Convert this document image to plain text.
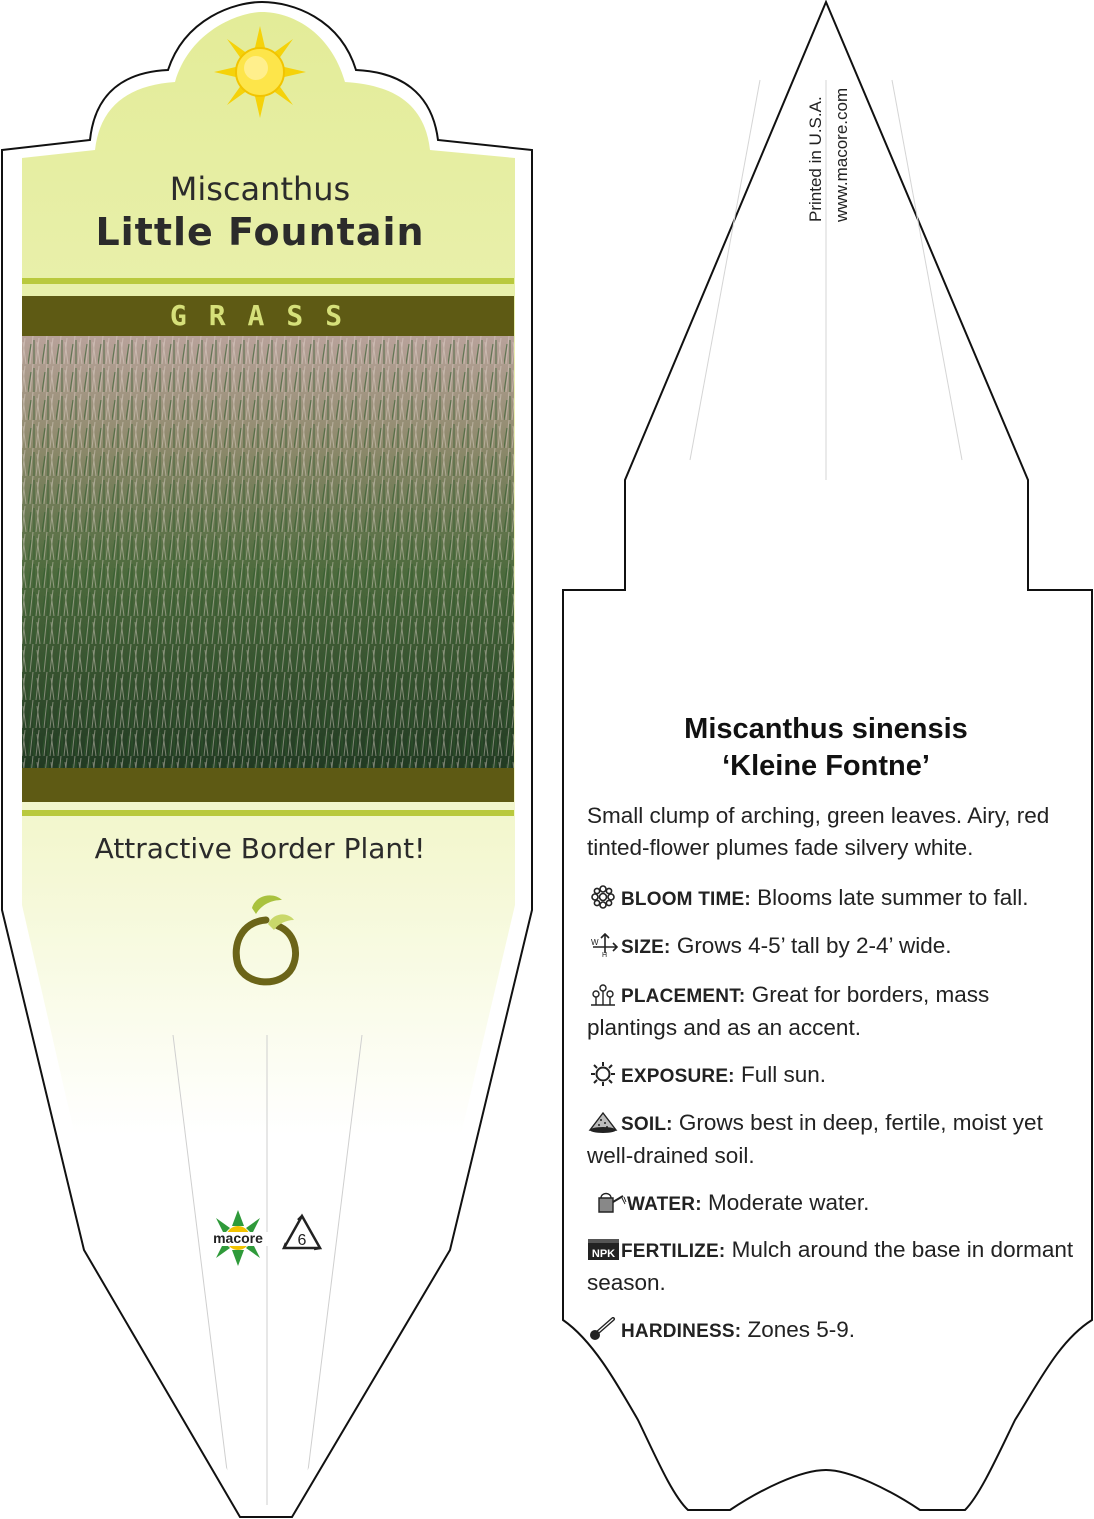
Miscanthus
Little Fountain
GRASS
Attractive Border Plant!
macore 6
Printed in U.S.A. www.macore.com
Miscanthus sinensis
‘Kleine Fontne’
Small clump of arching, green leaves. Airy, red tinted-flower plumes fade silvery white.
BLOOM TIME: Blooms late summer to fall.
W
H SIZE: Grows 4-5’ tall by 2-4’ wide.
PLACEMENT: Great for borders, mass plantings and as an accent.
EXPOSURE: Full sun.
SOIL: Grows best in deep, fertile, moist yet well-drained soil.
WATER: Moderate water.
NPK FERTILIZE: Mulch around the base in dormant season.
HARDINESS: Zones 5-9.
